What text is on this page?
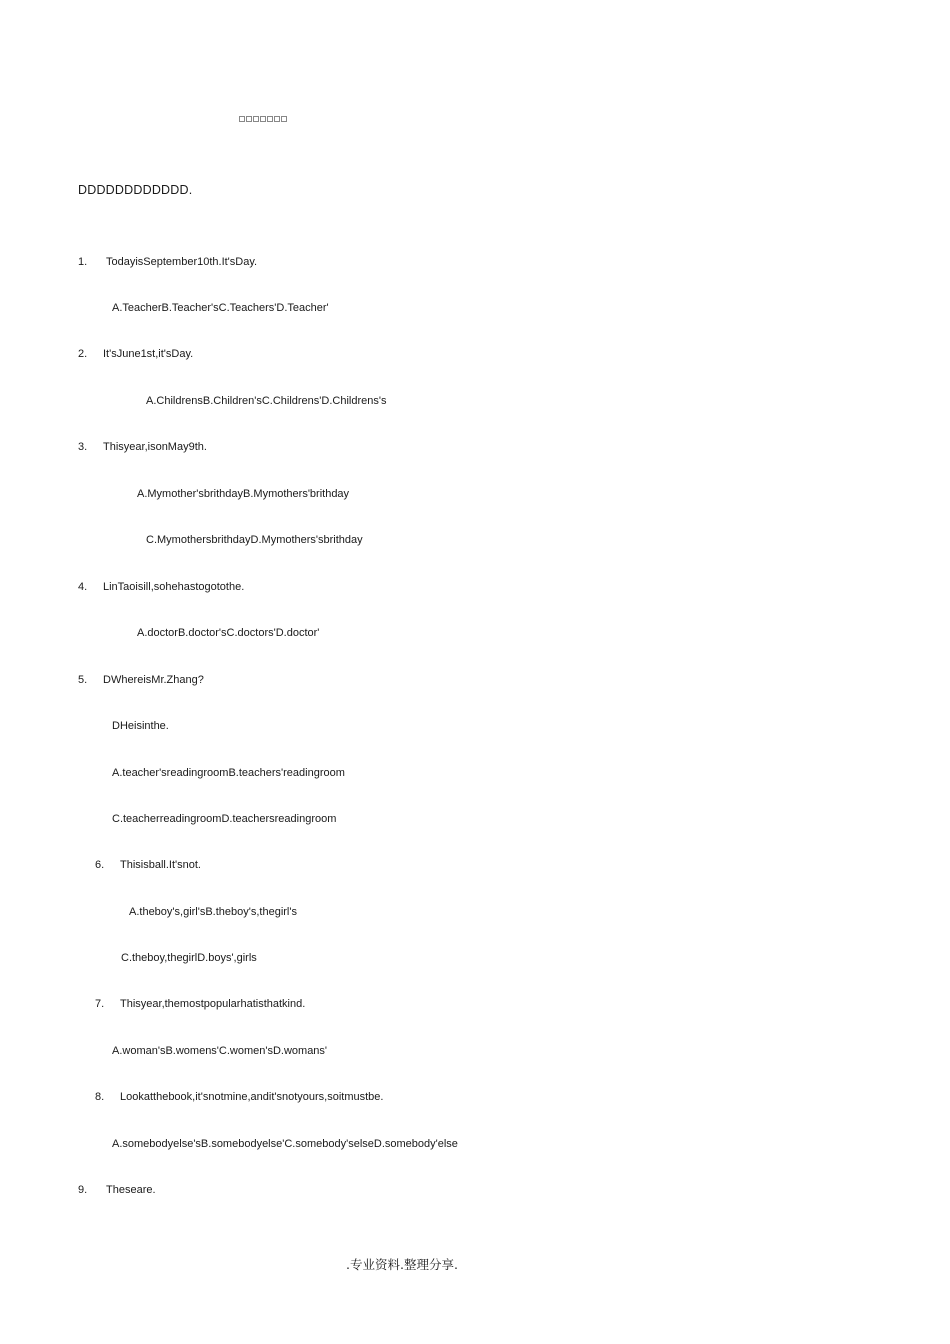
DDDDDDDDDDDD.
1. TodayisSeptember10th.It'sDay.
A.TeacherB.Teacher'sC.Teachers'D.Teacher'
2. It'sJune1st,it'sDay.
A.ChildrensB.Children'sC.Childrens'D.Childrens's
3. Thisyear,isonMay9th.
A.Mymother'sbrithdayB.Mymothers'brithday
C.MymothersbrithdayD.Mymothers'sbrithday
4. LinTaoisill,sohehastogotothe.
A.doctorB.doctor'sC.doctors'D.doctor'
5. DWhereisMr.Zhang?
DHeisinthe.
A.teacher'sreadingroomB.teachers'readingroom
C.teacherreadingroomD.teachersreadingroom
6. Thisisball.It'snot.
A.theboy's,girl'sB.theboy's,thegirl's
C.theboy,thegirlD.boys',girls
7. Thisyear,themostpopularhatisthatkind.
A.woman'sB.womens'C.women'sD.womans'
8. Lookatthebook,it'snotmine,andit'snotyours,soitmustbe.
A.somebodyelse'sB.somebodyelse'C.somebody'selseD.somebody'else
9. Theseare.
.专业资料.整理分享.
